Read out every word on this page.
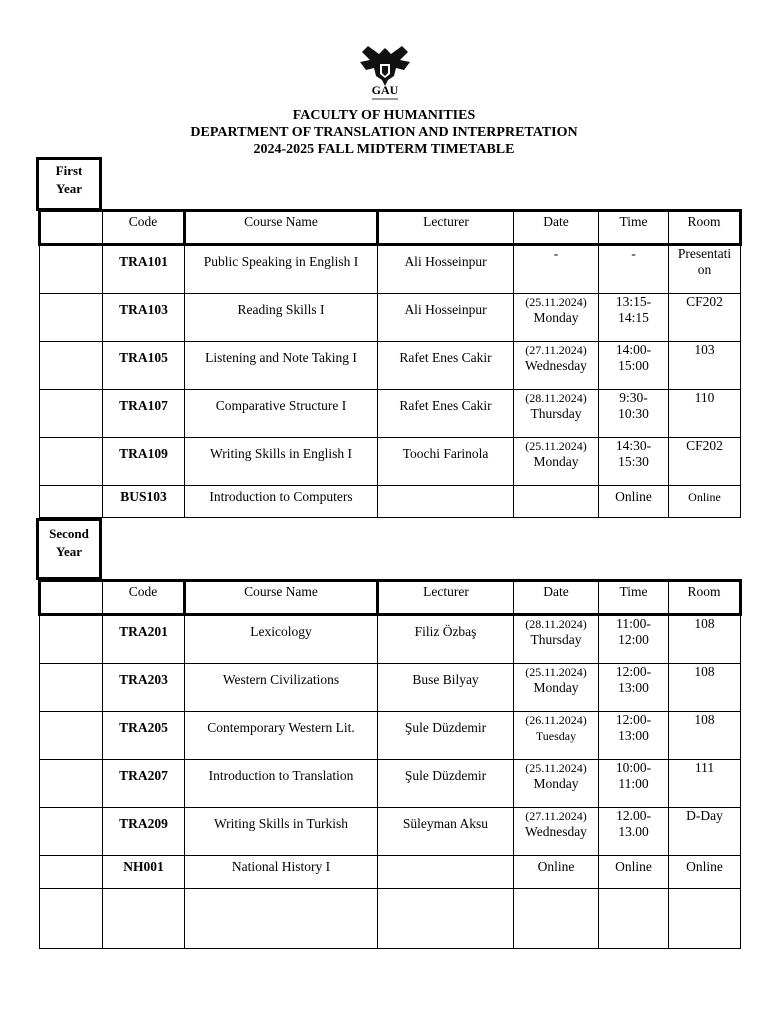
GAU
FACULTY OF HUMANITIES
DEPARTMENT OF TRANSLATION AND INTERPRETATION
2024-2025 FALL MIDTERM TIMETABLE
First
Year
	Code	Course Name	Lecturer	Date	Time	Room
	TRA101	Public Speaking in English I	Ali Hosseinpur	-	-	Presentati
on

	TRA103	Reading Skills I	Ali Hosseinpur	(25.11.2024)
Monday	13:15-
14:15	CF202

	TRA105	Listening and Note Taking I	Rafet Enes Cakir	(27.11.2024)
Wednesday	14:00-
15:00	103

	TRA107	Comparative Structure I	Rafet Enes Cakir	(28.11.2024)
Thursday	9:30-
10:30	110

	TRA109	Writing Skills in English I	Toochi Farinola	(25.11.2024)
Monday	14:30-
15:30	CF202

	BUS103	Introduction to Computers			Online	Online
Second
Year
	Code	Course Name	Lecturer	Date	Time	Room
	TRA201	Lexicology	Filiz Özbaş	(28.11.2024)
Thursday	11:00-
12:00	108

	TRA203	Western Civilizations	Buse Bilyay	(25.11.2024)
Monday	12:00-
13:00	108

	TRA205	Contemporary Western Lit.	Şule Düzdemir	(26.11.2024)
Tuesday	12:00-
13:00	108

	TRA207	Introduction to Translation	Şule Düzdemir	(25.11.2024)
Monday	10:00-
11:00	111

	TRA209	Writing Skills in Turkish	Süleyman Aksu	(27.11.2024)
Wednesday	12.00-
13.00	D-Day

	NH001	National History I		Online	Online	Online
